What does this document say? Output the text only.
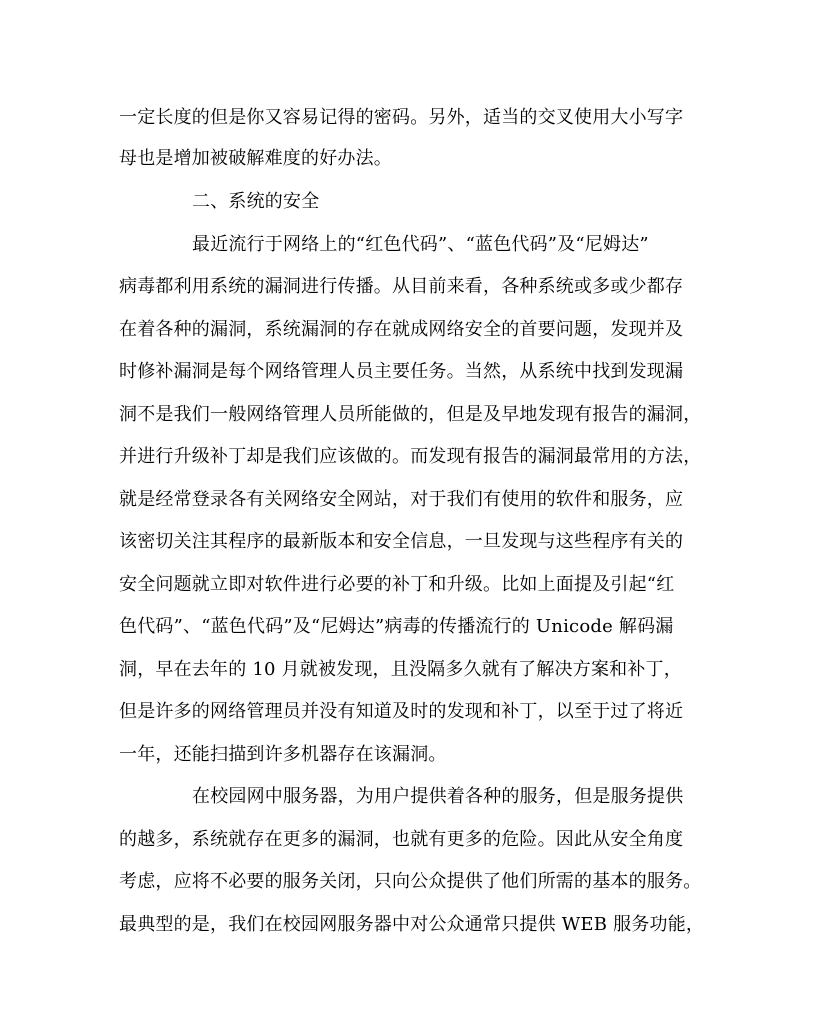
一定长度的但是你又容易记得的密码。另外，适当的交叉使用大小写字
母也是增加被破解难度的好办法。
二、系统的安全
最近流行于网络上的“红色代码”、“蓝色代码”及“尼姆达”
病毒都利用系统的漏洞进行传播。从目前来看，各种系统或多或少都存
在着各种的漏洞，系统漏洞的存在就成网络安全的首要问题，发现并及
时修补漏洞是每个网络管理人员主要任务。当然，从系统中找到发现漏
洞不是我们一般网络管理人员所能做的，但是及早地发现有报告的漏洞，
并进行升级补丁却是我们应该做的。而发现有报告的漏洞最常用的方法，
就是经常登录各有关网络安全网站，对于我们有使用的软件和服务，应
该密切关注其程序的最新版本和安全信息，一旦发现与这些程序有关的
安全问题就立即对软件进行必要的补丁和升级。比如上面提及引起“红
色代码”、“蓝色代码”及“尼姆达”病毒的传播流行的 Unicode 解码漏
洞，早在去年的 10 月就被发现，且没隔多久就有了解决方案和补丁，
但是许多的网络管理员并没有知道及时的发现和补丁，以至于过了将近
一年，还能扫描到许多机器存在该漏洞。
在校园网中服务器，为用户提供着各种的服务，但是服务提供
的越多，系统就存在更多的漏洞，也就有更多的危险。因此从安全角度
考虑，应将不必要的服务关闭，只向公众提供了他们所需的基本的服务。
最典型的是，我们在校园网服务器中对公众通常只提供 WEB 服务功能，
